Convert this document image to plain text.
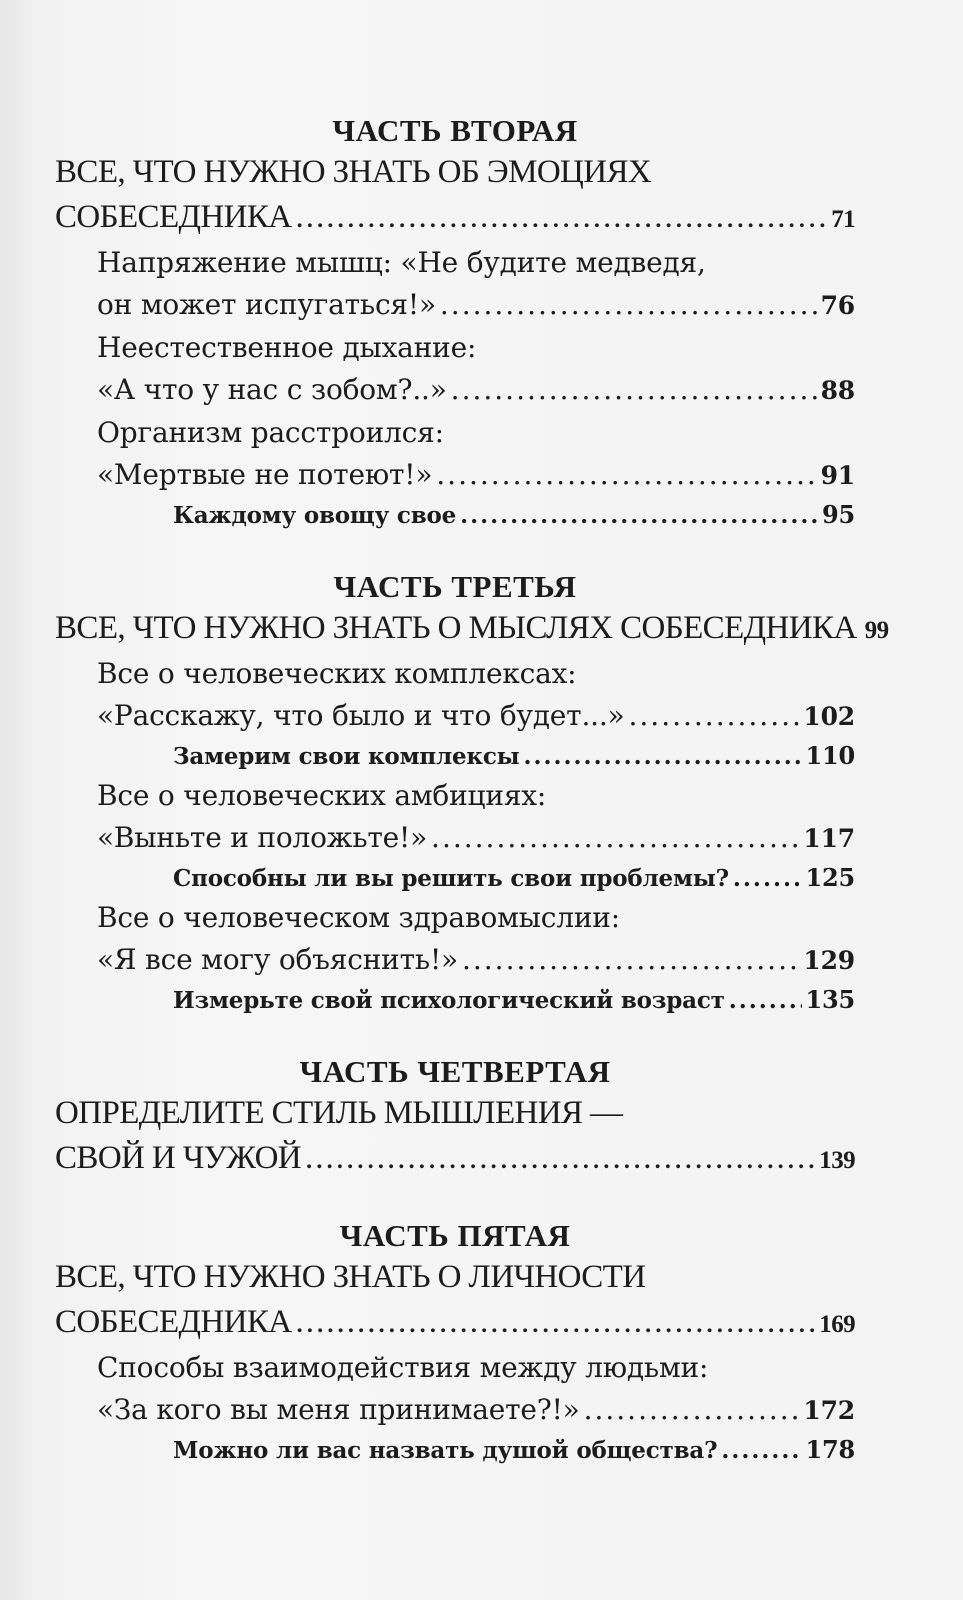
ЧАСТЬ ВТОРАЯ
ВСЕ, ЧТО НУЖНО ЗНАТЬ ОБ ЭМОЦИЯХ
СОБЕСЕДНИКА .....	71
Напряжение мышц: «Не будите медведя,
он может испугаться!» .....	76
Неестественное дыхание:
«А что у нас с зобом?..» .....	88
Организм расстроился:
«Мертвые не потеют!» .....	91
Каждому овощу свое .....	95
ЧАСТЬ ТРЕТЬЯ
ВСЕ, ЧТО НУЖНО ЗНАТЬ О МЫСЛЯХ СОБЕСЕДНИКА 99
Все о человеческих комплексах:
«Расскажу, что было и что будет...» .....	102
Замерим свои комплексы .....	110
Все о человеческих амбициях:
«Выньте и положьте!» .....	117
Способны ли вы решить свои проблемы? .....	125
Все о человеческом здравомыслии:
«Я все могу объяснить!» .....	129
Измерьте свой психологический возраст .....	135
ЧАСТЬ ЧЕТВЕРТАЯ
ОПРЕДЕЛИТЕ СТИЛЬ МЫШЛЕНИЯ —
СВОЙ И ЧУЖОЙ .....	139
ЧАСТЬ ПЯТАЯ
ВСЕ, ЧТО НУЖНО ЗНАТЬ О ЛИЧНОСТИ
СОБЕСЕДНИКА .....	169
Способы взаимодействия между людьми:
«За кого вы меня принимаете?!» .....	172
Можно ли вас назвать душой общества? .....	178
